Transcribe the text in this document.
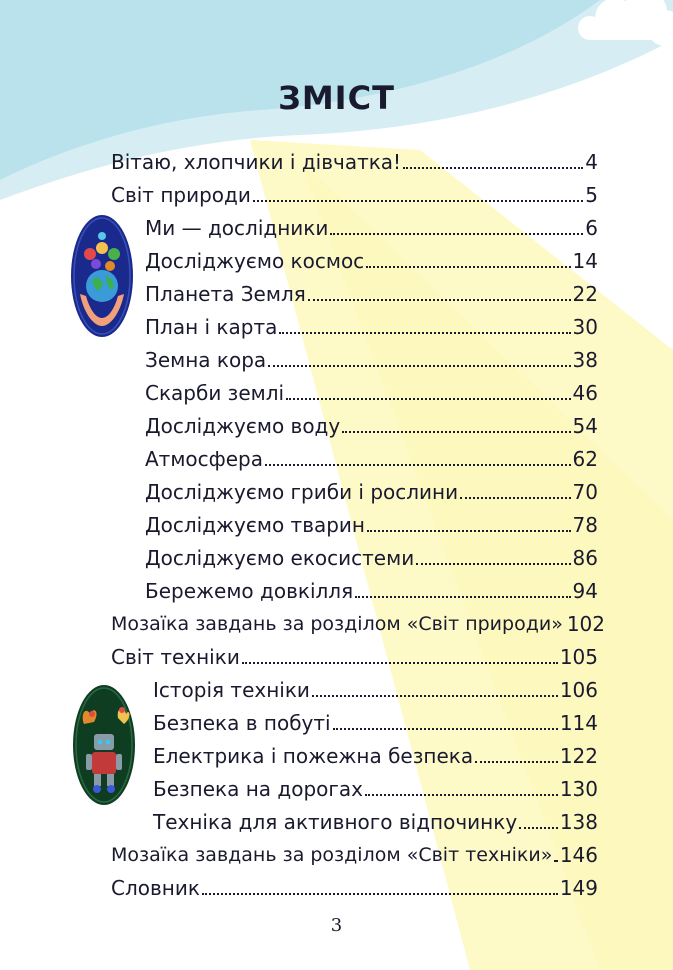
ЗМІСТ
Вітаю, хлопчики і дівчатка!	4
Світ природи	5
Ми — дослідники	6
Досліджуємо космос	14
Планета Земля	22
План і карта	30
Земна кора	38
Скарби землі	46
Досліджуємо воду	54
Атмосфера	62
Досліджуємо гриби і рослини	70
Досліджуємо тварин	78
Досліджуємо екосистеми	86
Бережемо довкілля	94
Мозаїка завдань за розділом «Світ природи» 102
Світ техніки	105
Історія техніки	106
Безпека в побуті	114
Електрика і пожежна безпека	122
Безпека на дорогах	130
Техніка для активного відпочинку 138
Мозаїка завдань за розділом «Світ техніки» 146
Словник	149
3
